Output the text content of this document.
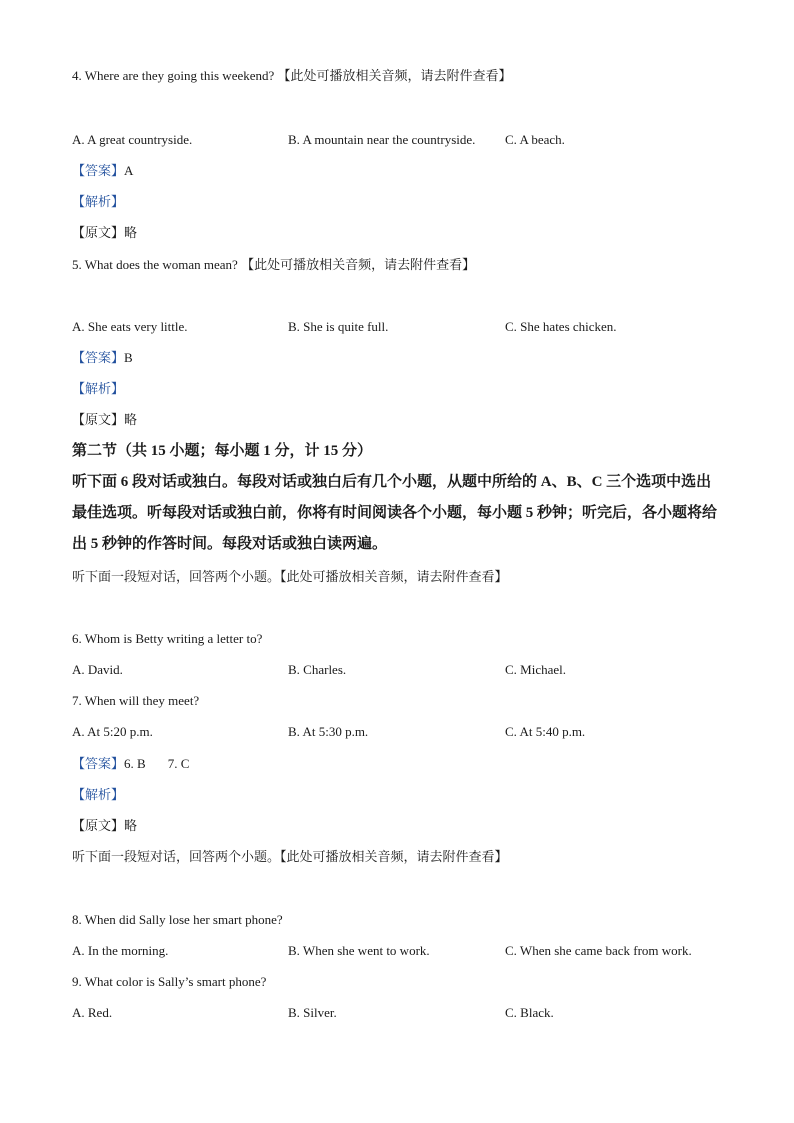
4. Where are they going this weekend? 【此处可播放相关音频，请去附件查看】
A. A great countryside.	B. A mountain near the countryside. C. A beach.
【答案】A
【解析】
【原文】略
5. What does the woman mean? 【此处可播放相关音频，请去附件查看】
A. She eats very little.	B. She is quite full.	C. She hates chicken.
【答案】B
【解析】
【原文】略
第二节（共 15 小题；每小题 1 分，计 15 分）
听下面 6 段对话或独白。每段对话或独白后有几个小题，从题中所给的 A、B、C 三个选项中选出最佳选项。听每段对话或独白前，你将有时间阅读各个小题，每小题 5 秒钟；听完后，各小题将给出 5 秒钟的作答时间。每段对话或独白读两遍。
听下面一段短对话，回答两个小题。【此处可播放相关音频，请去附件查看】
6. Whom is Betty writing a letter to?
A. David.	B. Charles.	C. Michael.
7. When will they meet?
A. At 5:20 p.m.	B. At 5:30 p.m.	C. At 5:40 p.m.
【答案】6. B 7. C
【解析】
【原文】略
听下面一段短对话，回答两个小题。【此处可播放相关音频，请去附件查看】
8. When did Sally lose her smart phone?
A. In the morning.	B. When she went to work.	C. When she came back from work.
9. What color is Sally’s smart phone?
A. Red.	B. Silver.	C. Black.
